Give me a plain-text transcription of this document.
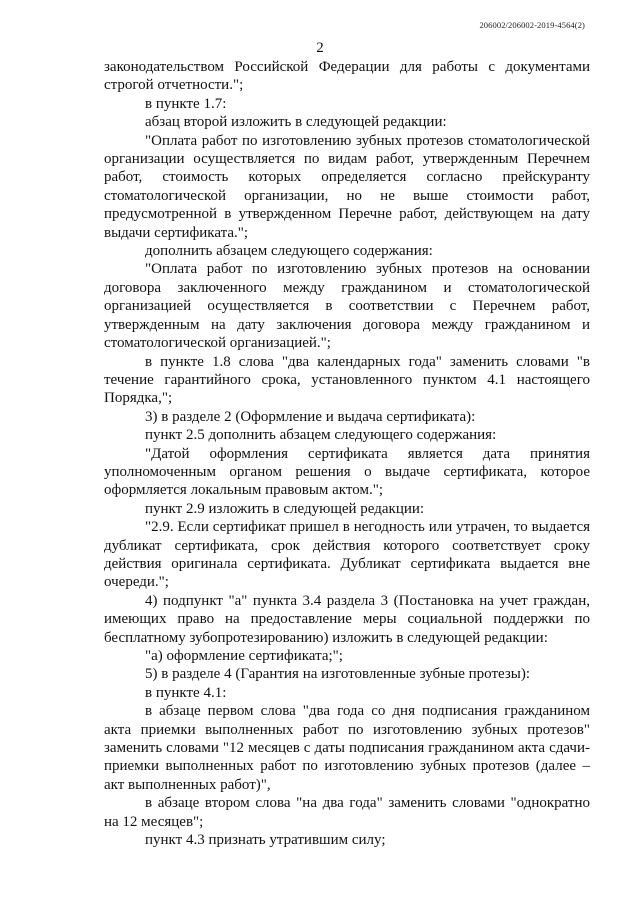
206002/206002-2019-4564(2)
2

законодательством Российской Федерации для работы с документами строгой отчетности.";

в пункте 1.7:

абзац второй изложить в следующей редакции:

"Оплата работ по изготовлению зубных протезов стоматологической организации осуществляется по видам работ, утвержденным Перечнем работ, стоимость которых определяется согласно прейскуранту стоматологической организации, но не выше стоимости работ, предусмотренной в утвержденном Перечне работ, действующем на дату выдачи сертификата.";

дополнить абзацем следующего содержания:

"Оплата работ по изготовлению зубных протезов на основании договора заключенного между гражданином и стоматологической организацией осуществляется в соответствии с Перечнем работ, утвержденным на дату заключения договора между гражданином и стоматологической организацией.";

в пункте 1.8 слова "два календарных года" заменить словами "в течение гарантийного срока, установленного пунктом 4.1 настоящего Порядка,";

3) в разделе 2 (Оформление и выдача сертификата):

пункт 2.5 дополнить абзацем следующего содержания:

"Датой оформления сертификата является дата принятия уполномоченным органом решения о выдаче сертификата, которое оформляется локальным правовым актом.";

пункт 2.9 изложить в следующей редакции:

"2.9. Если сертификат пришел в негодность или утрачен, то выдается дубликат сертификата, срок действия которого соответствует сроку действия оригинала сертификата. Дубликат сертификата выдается вне очереди.";

4) подпункт "а" пункта 3.4 раздела 3 (Постановка на учет граждан, имеющих право на предоставление меры социальной поддержки по бесплатному зубопротезированию) изложить в следующей редакции:

"а) оформление сертификата;";

5) в разделе 4 (Гарантия на изготовленные зубные протезы):

в пункте 4.1:

в абзаце первом слова "два года со дня подписания гражданином акта приемки выполненных работ по изготовлению зубных протезов" заменить словами "12 месяцев с даты подписания гражданином акта сдачи-приемки выполненных работ по изготовлению зубных протезов (далее – акт выполненных работ)",

в абзаце втором слова "на два года" заменить словами "однократно на 12 месяцев";

пункт 4.3 признать утратившим силу;
